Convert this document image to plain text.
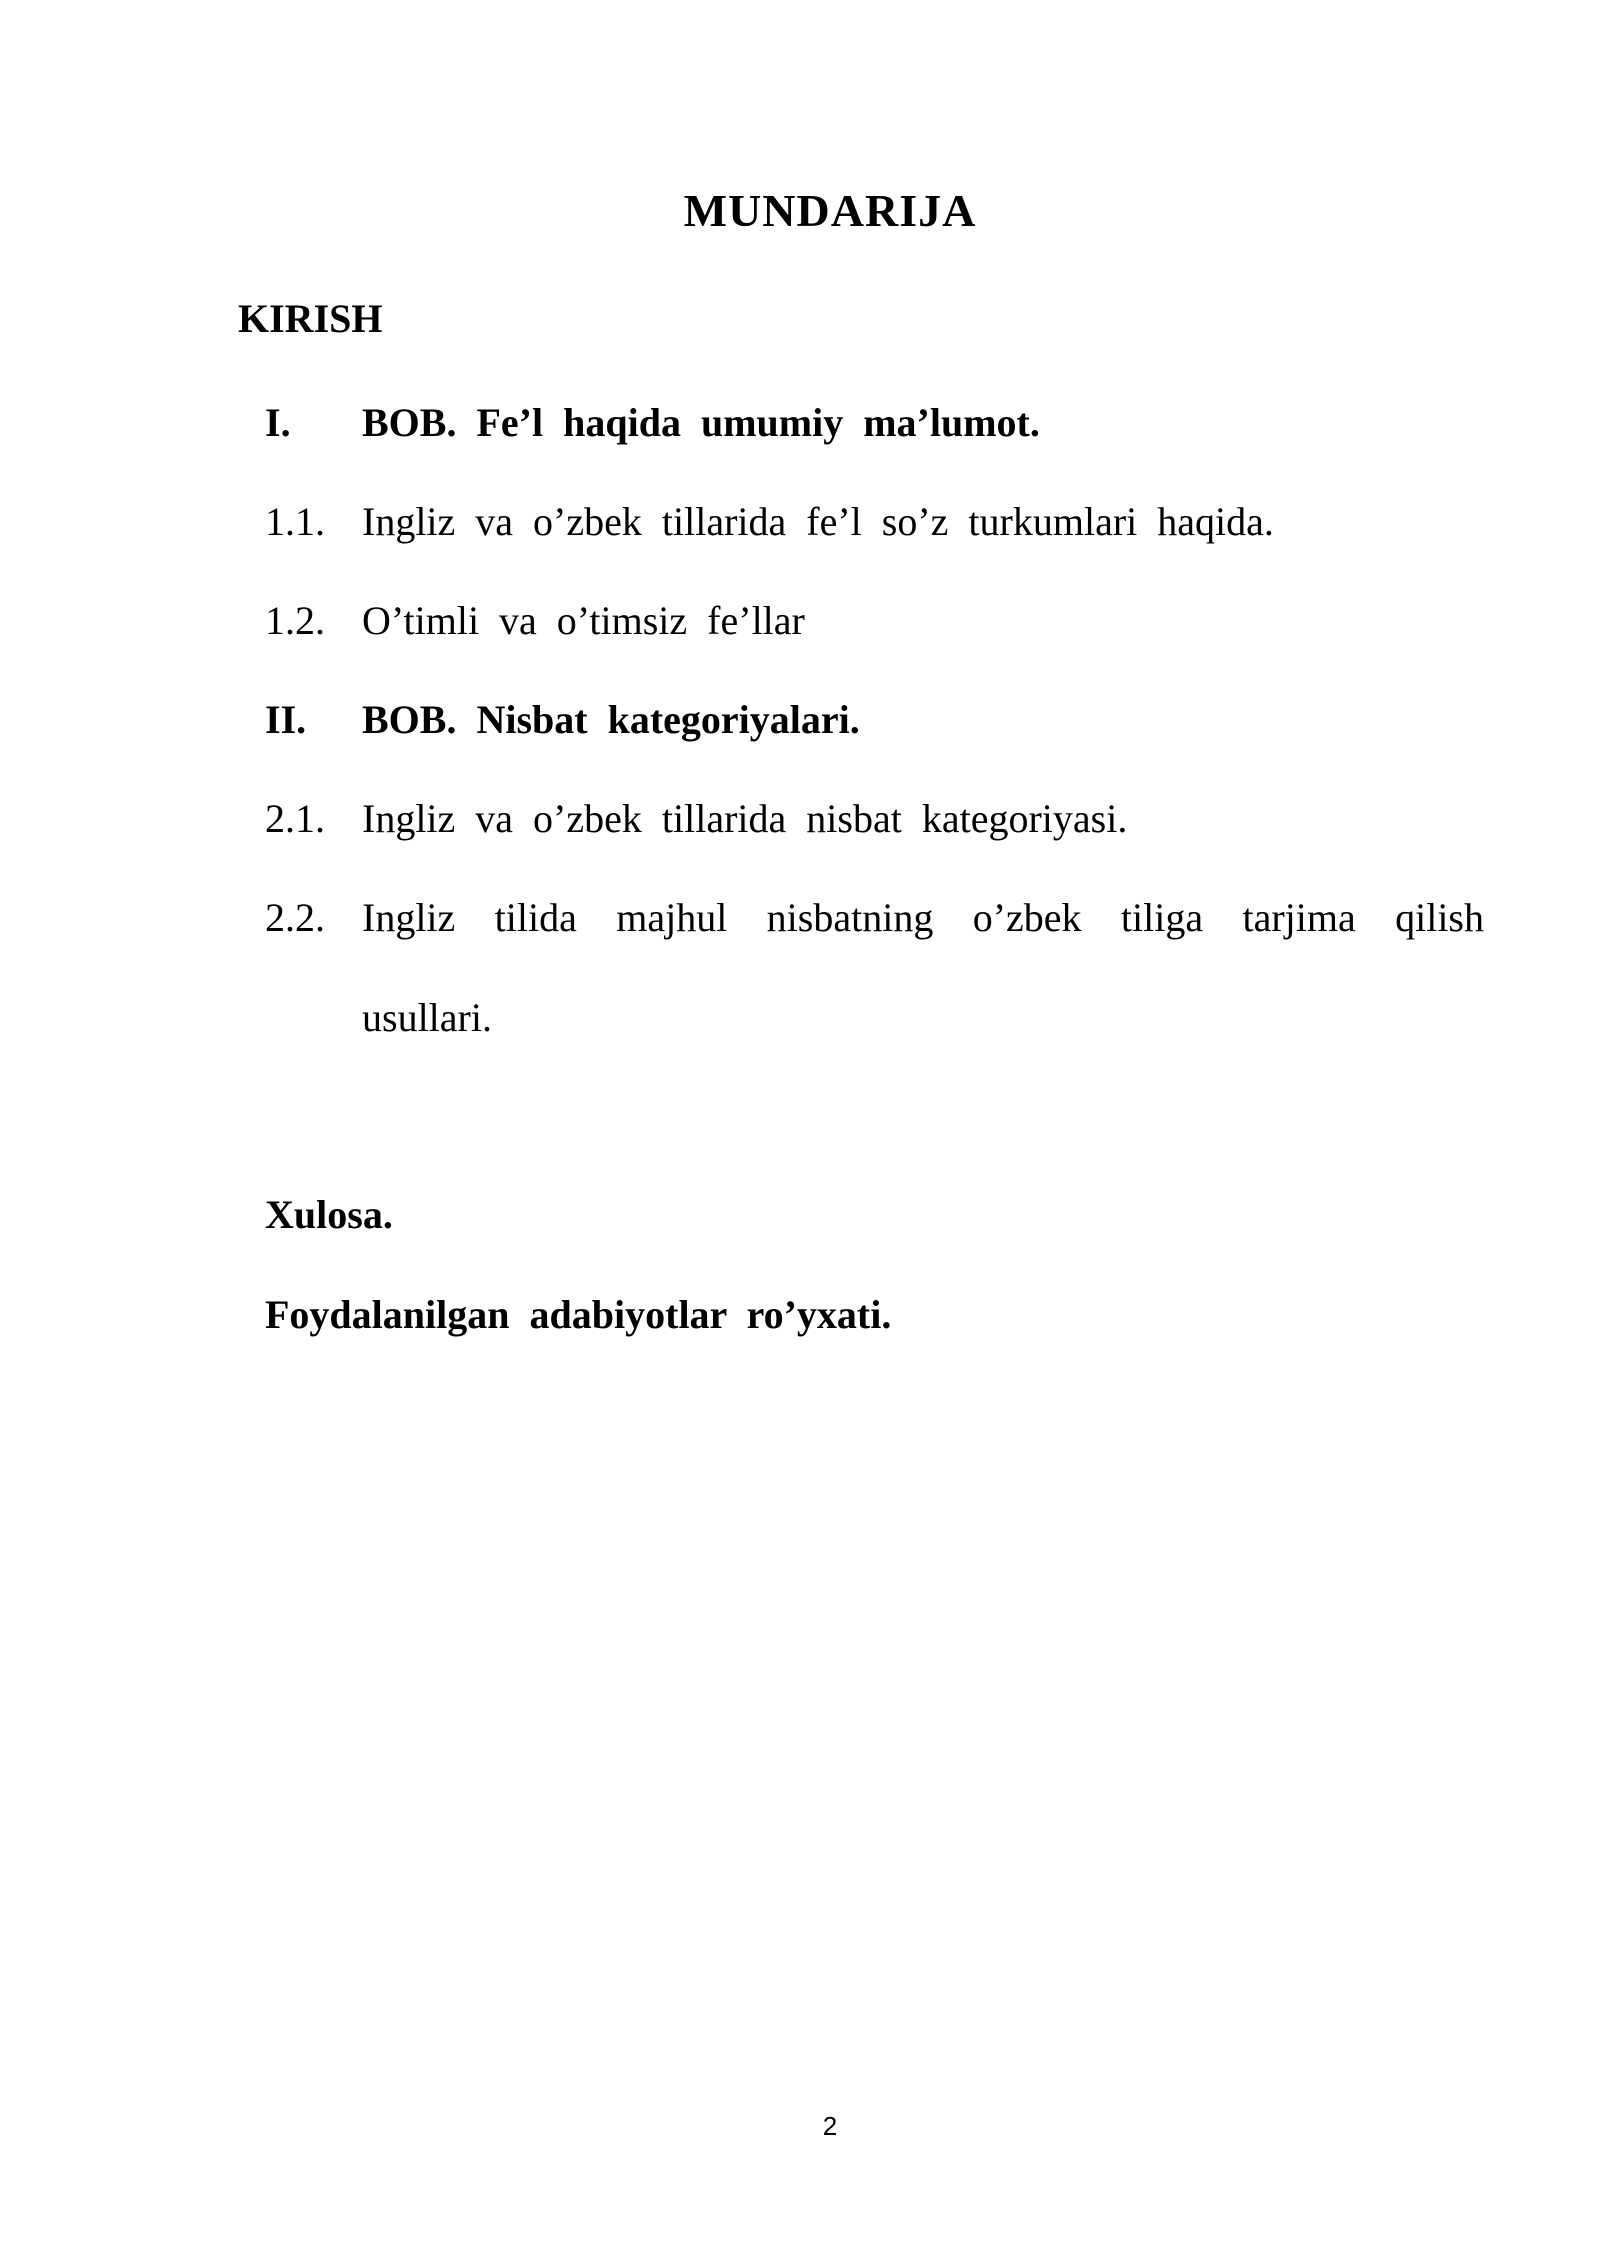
MUNDARIJA
KIRISH
I. BOB. Fe’l haqida umumiy ma’lumot.
1.1. Ingliz va o’zbek tillarida fe’l so’z turkumlari haqida.
1.2. O’timli va o’timsiz fe’llar
II. BOB. Nisbat kategoriyalari.
2.1. Ingliz va o’zbek tillarida nisbat kategoriyasi.
2.2. Ingliz tilida majhul nisbatning o’zbek tiliga tarjima qilish
usullari.
Xulosa.
Foydalanilgan adabiyotlar ro’yxati.
2
